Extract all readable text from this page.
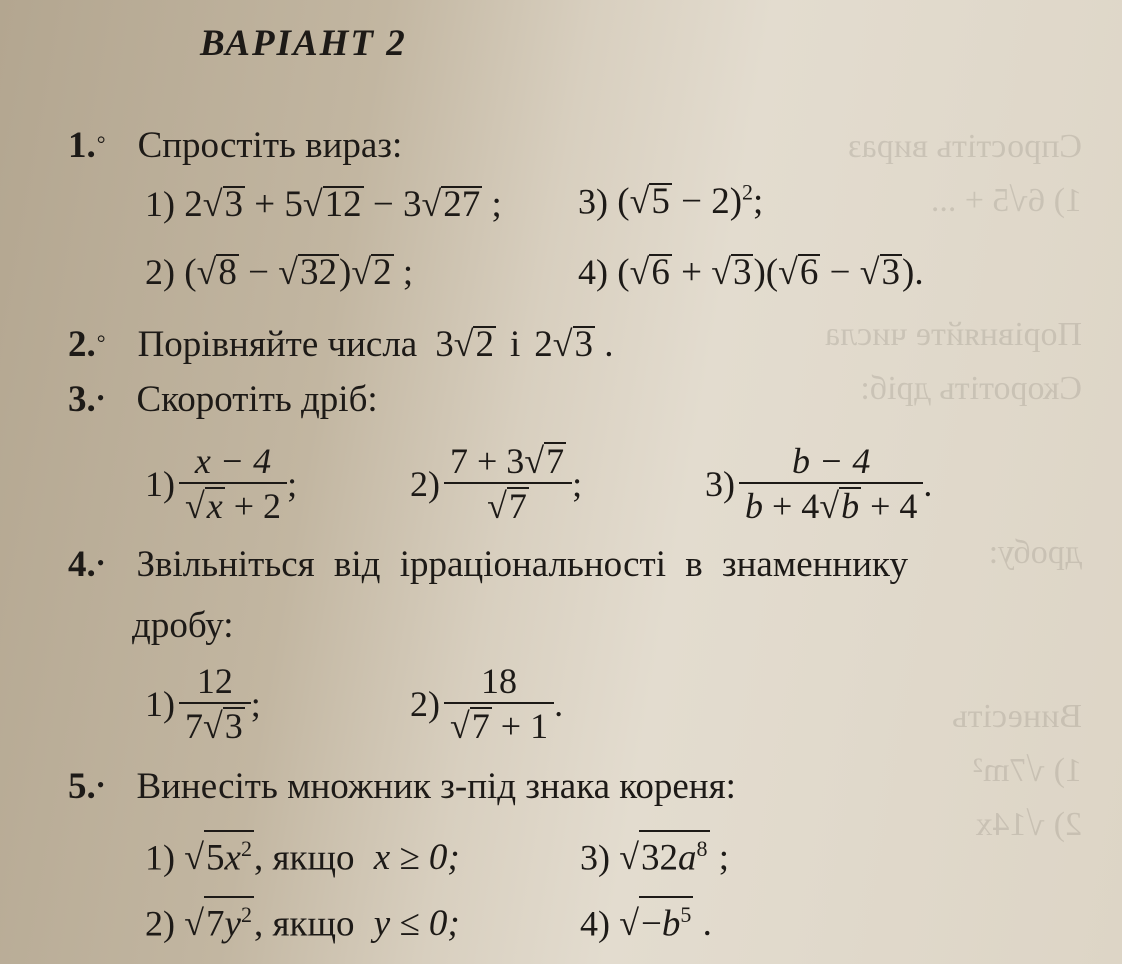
Спростіть вираз
1) 6√5 + ...
Порівняйте числа
Скоротіть дріб:
дробу:
Винесіть
1) √7m²
2) √14x
ВАРІАНТ 2
1.° Спростіть вираз:
1) 2√3 + 5√12 − 3√27 ; 3) $(√5 - 2)^2$;
2) (√8 − √32)√2 ;	4) (√6 + √3)(√6 − √3).
2.° Порівняйте числа 3√2 і 2√3 .
3.• Скоротіть дріб:
$1) \frac{x - 4}{√x + 2}$ ;	$2) \frac{7 + 3√7}{√7}$ ;	$3) \frac{b - 4}{b + 4√b + 4}$ .
4.• Звільніться від ірраціональності в знаменнику
дробу:
$1) \frac{12}{7√3}$ ;	$2) \frac{18}{√7 + 1}$ .
5.• Винесіть множник з-під знака кореня:
1) $√5x^2$, якщо x ≥ 0;	3) $√32a^8$ ;
2) $√7y^2$, якщо y ≤ 0;	4) $√-b^5$ .
